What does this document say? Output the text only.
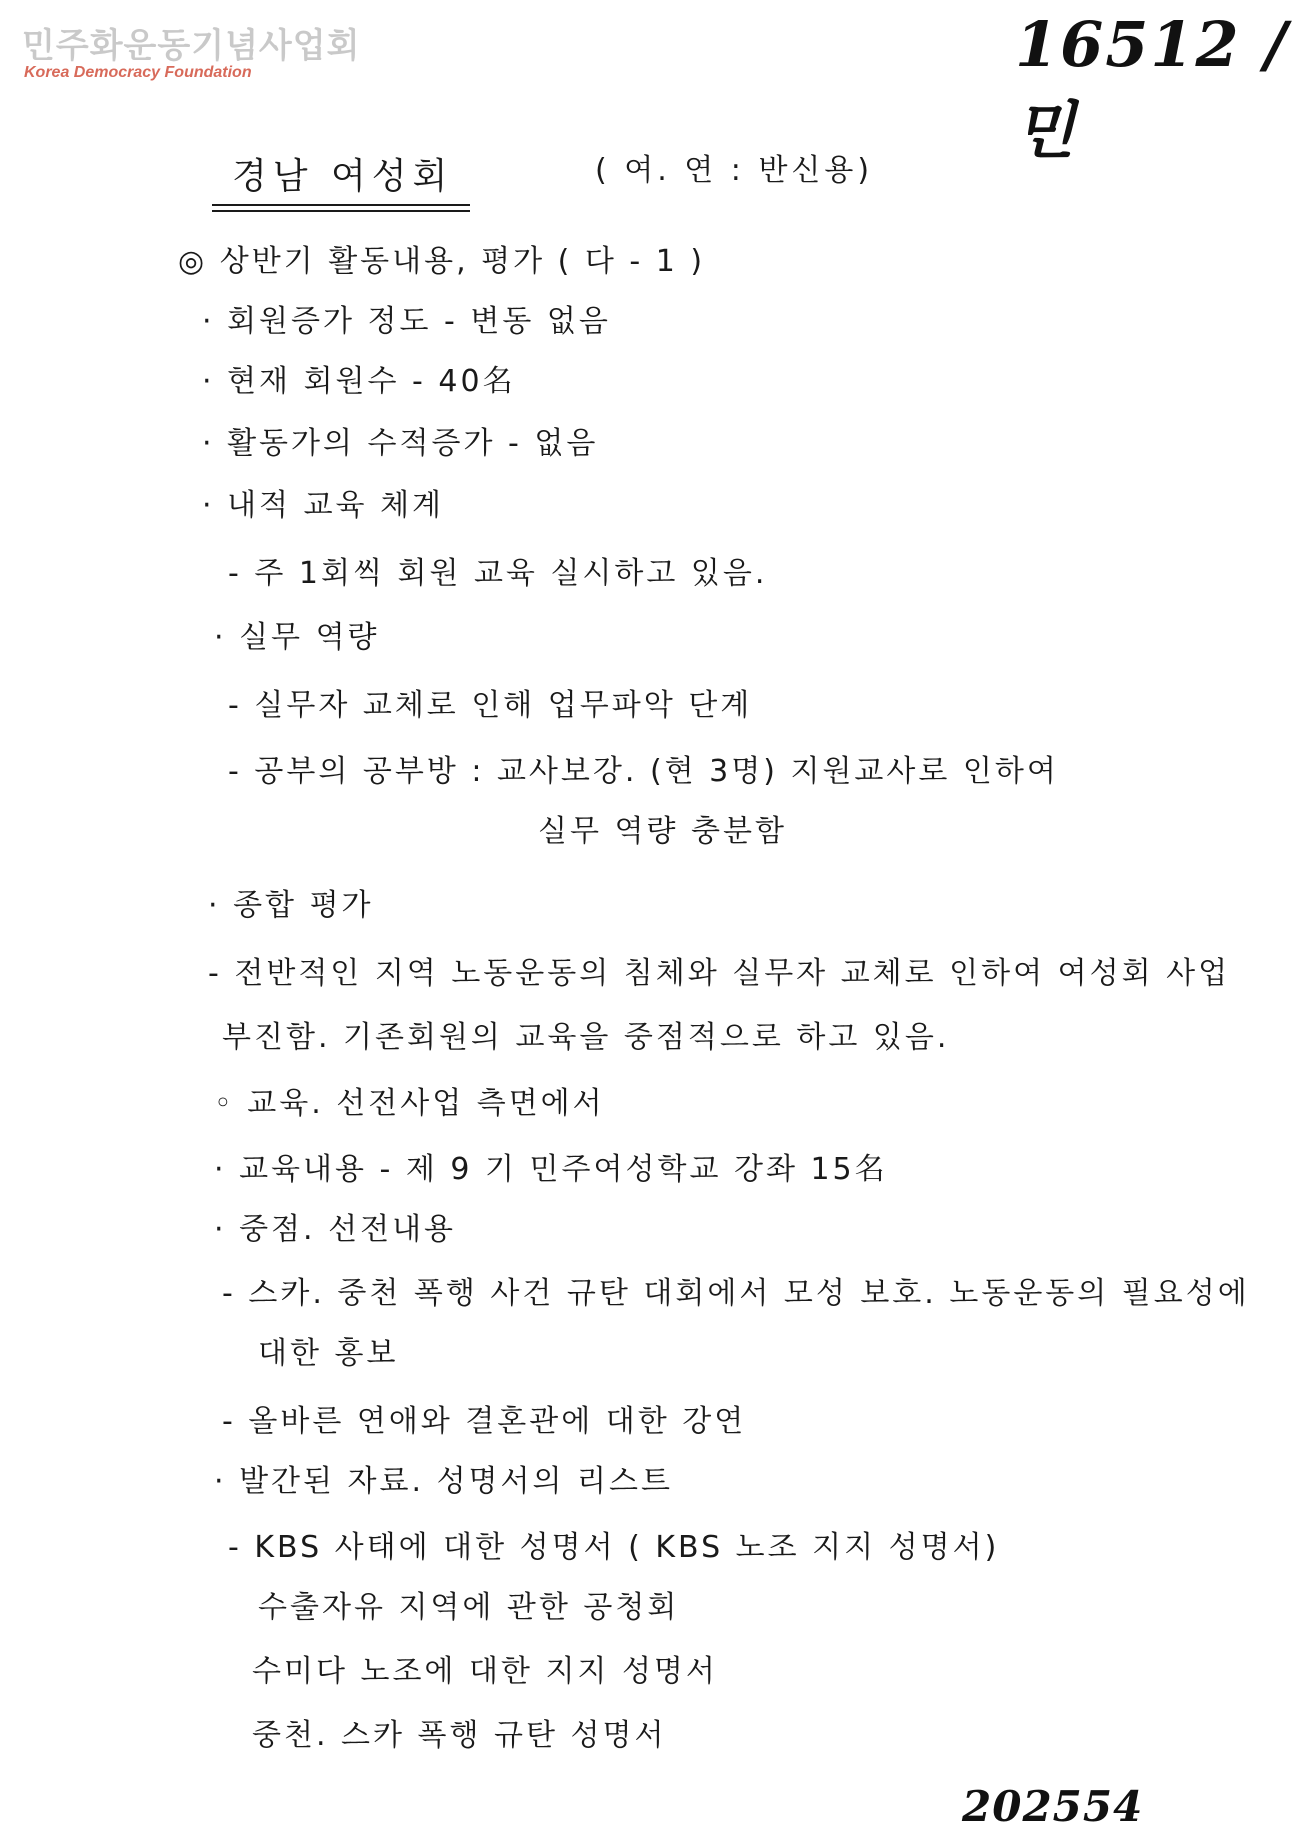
민주화운동기념사업회
Korea Democracy Foundation	16512 /민
경남 여성회	( 여. 연 : 반신용)
◎ 상반기 활동내용, 평가 ( 다 - 1 )
· 회원증가 정도 - 변동 없음
· 현재 회원수 - 40名
· 활동가의 수적증가 - 없음
· 내적 교육 체계
- 주 1회씩 회원 교육 실시하고 있음.
· 실무 역량
- 실무자 교체로 인해 업무파악 단계
- 공부의 공부방 : 교사보강. (현 3명) 지원교사로 인하여
실무 역량 충분함
· 종합 평가
- 전반적인 지역 노동운동의 침체와 실무자 교체로 인하여 여성회 사업
부진함. 기존회원의 교육을 중점적으로 하고 있음.
◦ 교육. 선전사업 측면에서
· 교육내용 - 제 9 기 민주여성학교 강좌 15名
· 중점. 선전내용
- 스카. 중천 폭행 사건 규탄 대회에서 모성 보호. 노동운동의 필요성에
대한 홍보
- 올바른 연애와 결혼관에 대한 강연
· 발간된 자료. 성명서의 리스트
- KBS 사태에 대한 성명서 ( KBS 노조 지지 성명서)
수출자유 지역에 관한 공청회
수미다 노조에 대한 지지 성명서
중천. 스카 폭행 규탄 성명서
202554
